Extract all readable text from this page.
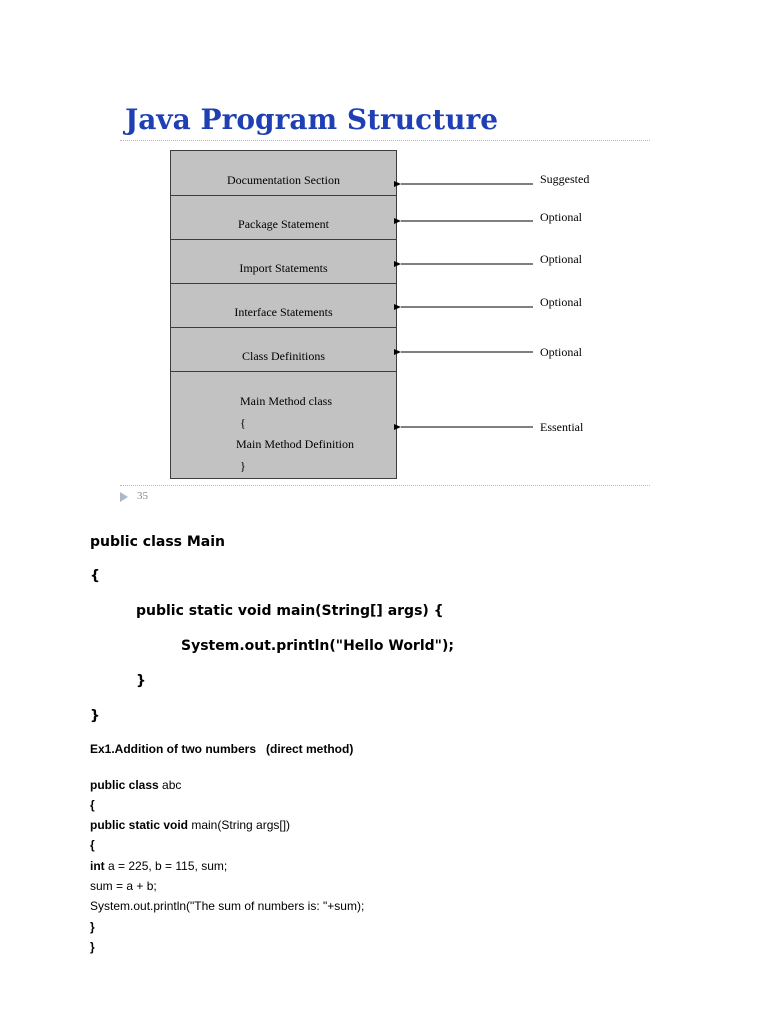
Java Program Structure
Documentation Section
Package Statement
Import Statements
Interface Statements
Class Definitions
Main Method class
{
Main Method Definition
}
Suggested
Optional
Optional
Optional
Optional
Essential
35
public class Main
{
public static void main(String[] args) {
System.out.println("Hello World");
}
}
Ex1.Addition of two numbers   (direct method)
public class abc
{
public static void main(String args[])
{
int a = 225, b = 115, sum;
sum = a + b;
System.out.println("The sum of numbers is: "+sum);
}
}
